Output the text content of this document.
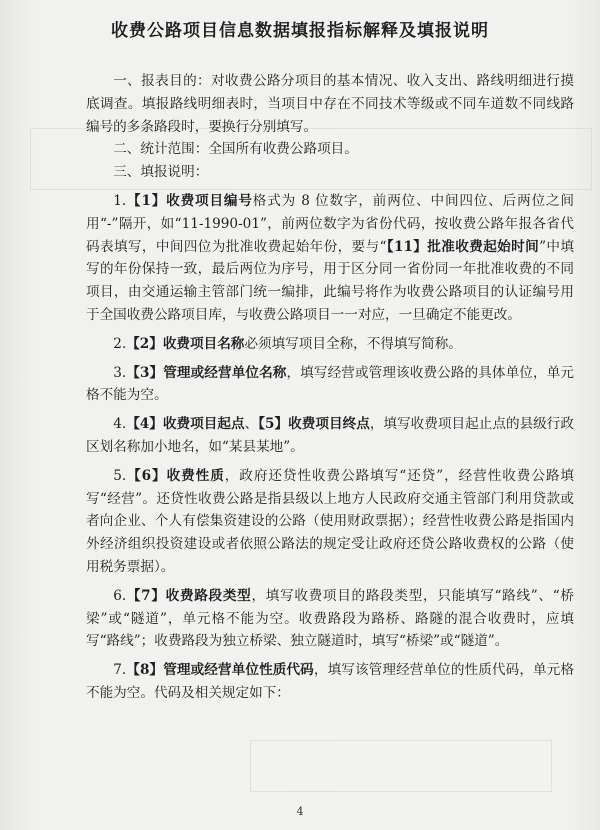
收费公路项目信息数据填报指标解释及填报说明

一、报表目的：对收费公路分项目的基本情况、收入支出、路线明细进行摸底调查。填报路线明细表时，当项目中存在不同技术等级或不同车道数不同线路编号的多条路段时，要换行分别填写。

二、统计范围：全国所有收费公路项目。

三、填报说明：

1.【1】收费项目编号格式为 8 位数字，前两位、中间四位、后两位之间用“-”隔开，如“11-1990-01”，前两位数字为省份代码，按收费公路年报各省代码表填写，中间四位为批准收费起始年份，要与“【11】批准收费起始时间”中填写的年份保持一致，最后两位为序号，用于区分同一省份同一年批准收费的不同项目，由交通运输主管部门统一编排，此编号将作为收费公路项目的认证编号用于全国收费公路项目库，与收费公路项目一一对应，一旦确定不能更改。

2.【2】收费项目名称必须填写项目全称，不得填写简称。

3.【3】管理或经营单位名称，填写经营或管理该收费公路的具体单位，单元格不能为空。

4.【4】收费项目起点、【5】收费项目终点，填写收费项目起止点的县级行政区划名称加小地名，如“某县某地”。

5.【6】收费性质，政府还贷性收费公路填写“还贷”，经营性收费公路填写“经营”。还贷性收费公路是指县级以上地方人民政府交通主管部门利用贷款或者向企业、个人有偿集资建设的公路（使用财政票据）；经营性收费公路是指国内外经济组织投资建设或者依照公路法的规定受让政府还贷公路收费权的公路（使用税务票据）。

6.【7】收费路段类型，填写收费项目的路段类型，只能填写“路线”、“桥梁”或“隧道”，单元格不能为空。收费路段为路桥、路隧的混合收费时，应填写“路线”；收费路段为独立桥梁、独立隧道时，填写“桥梁”或“隧道”。

7.【8】管理或经营单位性质代码，填写该管理经营单位的性质代码，单元格不能为空。代码及相关规定如下：

4
